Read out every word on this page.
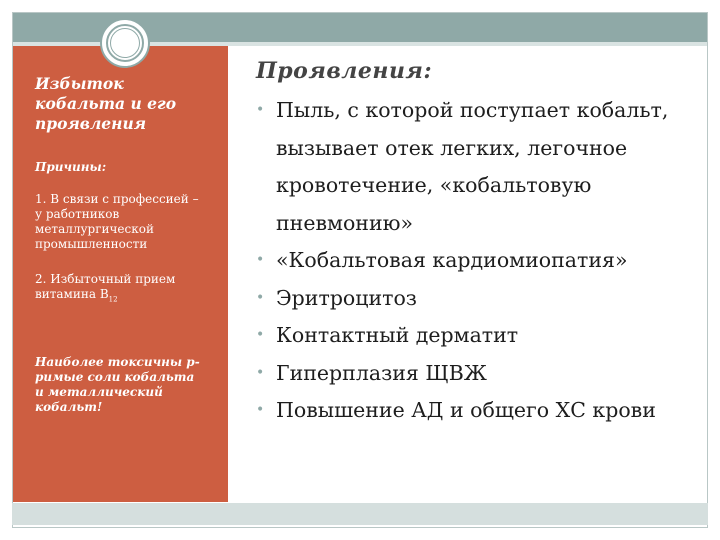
Избыток кобальта и его проявления

Причины:
1. В связи с профессией – у работников металлургической промышленности
2. Избыточный прием витамина $В_{12}$
Наиболее токсичны р-римые соли кобальта и металлический кобальт!
Проявления:
• Пыль, с которой поступает кобальт, вызывает отек легких, легочное кровотечение, «кобальтовую пневмонию»
• «Кобальтовая кардиомиопатия»
• Эритроцитоз
• Контактный дерматит
• Гиперплазия ЩВЖ
• Повышение АД и общего ХС крови
